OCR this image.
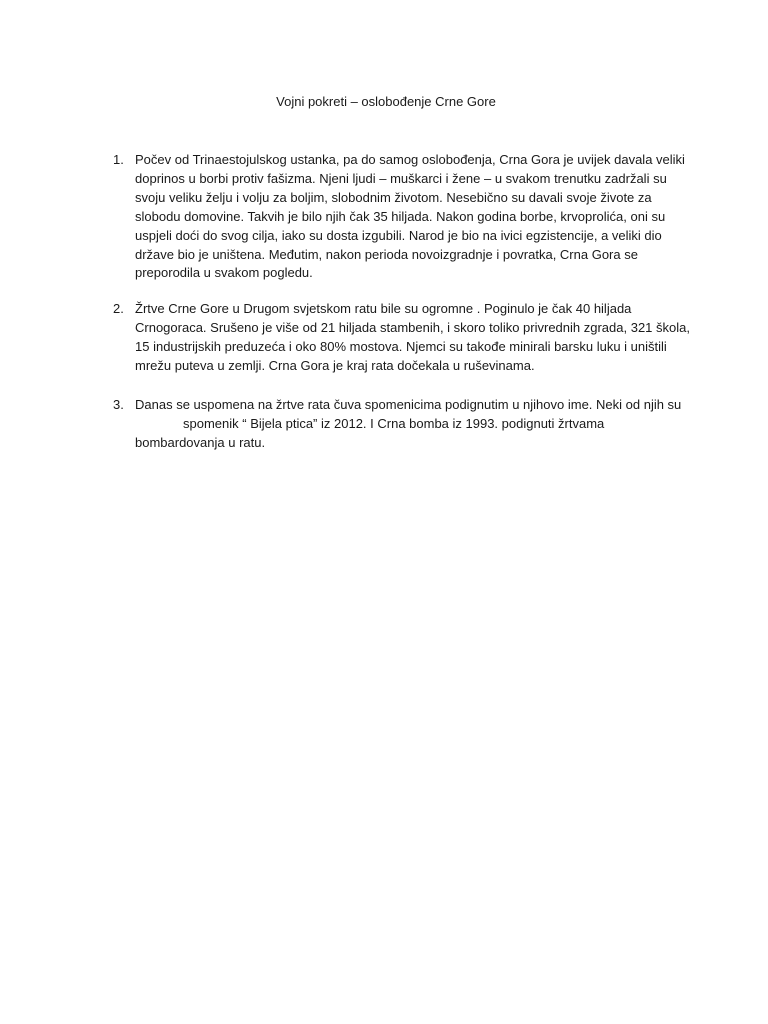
Vojni pokreti – oslobođenje Crne Gore
1. Počev od Trinaestojulskog ustanka, pa do samog oslobođenja, Crna Gora je uvijek davala veliki
doprinos u borbi protiv fašizma. Njeni ljudi – muškarci i žene – u svakom trenutku zadržali su
svoju veliku želju i volju za boljim, slobodnim životom. Nesebično su davali svoje živote za
slobodu domovine. Takvih je bilo njih čak 35 hiljada. Nakon godina borbe, krvoprolića, oni su
uspjeli doći do svog cilja, iako su dosta izgubili. Narod je bio na ivici egzistencije, a veliki dio
države bio je uništena. Međutim, nakon perioda novoizgradnje i povratka, Crna Gora se
preporodila u svakom pogledu.
2. Žrtve Crne Gore u Drugom svjetskom ratu bile su ogromne . Poginulo je čak 40 hiljada
Crnogoraca. Srušeno je više od 21 hiljada stambenih, i skoro toliko privrednih zgrada, 321 škola,
15 industrijskih preduzeća i oko 80% mostova. Njemci su takođe minirali barsku luku i uništili
mrežu puteva u zemlji. Crna Gora je kraj rata dočekala u ruševinama.
3. Danas se uspomena na žrtve rata čuva spomenicima podignutim u njihovo ime. Neki od njih su
spomenik “ Bijela ptica” iz 2012. I Crna bomba iz 1993. podignuti žrtvama
bombardovanja u ratu.
